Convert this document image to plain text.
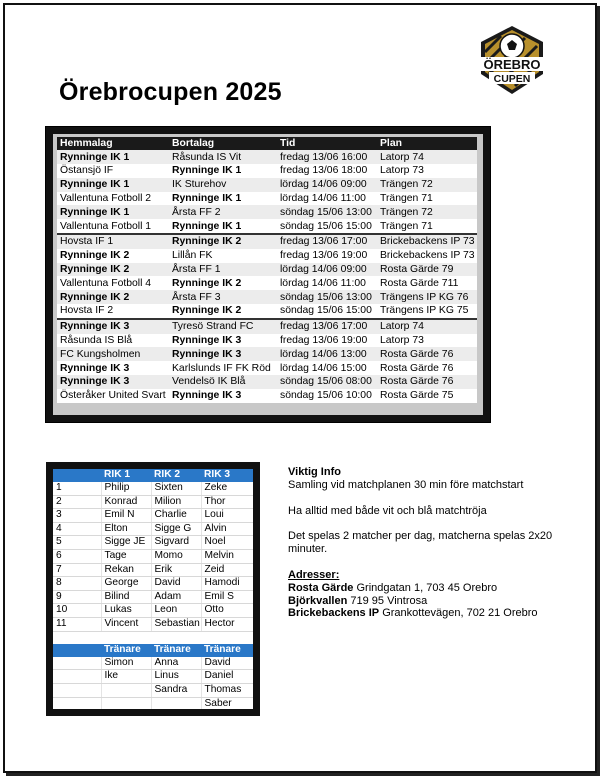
Örebrocupen 2025
ÖREBRO
CUPEN
Hemmalag	Bortalag	Tid	Plan
Rynninge IK 1	Råsunda IS Vit	fredag 13/06 16:00	Latorp 74
Östansjö IF	Rynninge IK 1	fredag 13/06 18:00	Latorp 73
Rynninge IK 1	IK Sturehov	lördag 14/06 09:00	Trängen 72
Vallentuna Fotboll 2	Rynninge IK 1	lördag 14/06 11:00	Trängen 71
Rynninge IK 1	Årsta FF 2	söndag 15/06 13:00	Trängen 72
Vallentuna Fotboll 1	Rynninge IK 1	söndag 15/06 15:00	Trängen 71
Hovsta IF 1	Rynninge IK 2	fredag 13/06 17:00	Brickebackens IP 73
Rynninge IK 2	Lillån FK	fredag 13/06 19:00	Brickebackens IP 73
Rynninge IK 2	Årsta FF 1	lördag 14/06 09:00	Rosta Gärde 79
Vallentuna Fotboll 4	Rynninge IK 2	lördag 14/06 11:00	Rosta Gärde 711
Rynninge IK 2	Årsta FF 3	söndag 15/06 13:00	Trängens IP KG 76
Hovsta IF 2	Rynninge IK 2	söndag 15/06 15:00	Trängens IP KG 75
Rynninge IK 3	Tyresö Strand FC	fredag 13/06 17:00	Latorp 74
Råsunda IS Blå	Rynninge IK 3	fredag 13/06 19:00	Latorp 73
FC Kungsholmen	Rynninge IK 3	lördag 14/06 13:00	Rosta Gärde 76
Rynninge IK 3	Karlslunds IF FK Röd	lördag 14/06 15:00	Rosta Gärde 76
Rynninge IK 3	Vendelsö IK Blå	söndag 15/06 08:00	Rosta Gärde 76
Österåker United Svart	Rynninge IK 3	söndag 15/06 10:00	Rosta Gärde 75
	RIK 1	RIK 2	RIK 3
1	Philip	Sixten	Zeke
2	Konrad	Milion	Thor
3	Emil N	Charlie	Loui
4	Elton	Sigge G	Alvin
5	Sigge JE	Sigvard	Noel
6	Tage	Momo	Melvin
7	Rekan	Erik	Zeid
8	George	David	Hamodi
9	Bilind	Adam	Emil S
10	Lukas	Leon	Otto
11	Vincent	Sebastian	Hector

	Tränare	Tränare	Tränare
	Simon	Anna	David
	Ike	Linus	Daniel
		Sandra	Thomas
			Saber

Viktig Info

Samling vid matchplanen 30 min före matchstart

Ha alltid med både vit och blå matchtröja

Det spelas 2 matcher per dag, matcherna spelas 2x20 minuter.

Adresser:

Rosta Gärde Grindgatan 1, 703 45 Orebro

Björkvallen 719 95 Vintrosa

Brickebackens IP Grankottevägen, 702 21 Orebro
